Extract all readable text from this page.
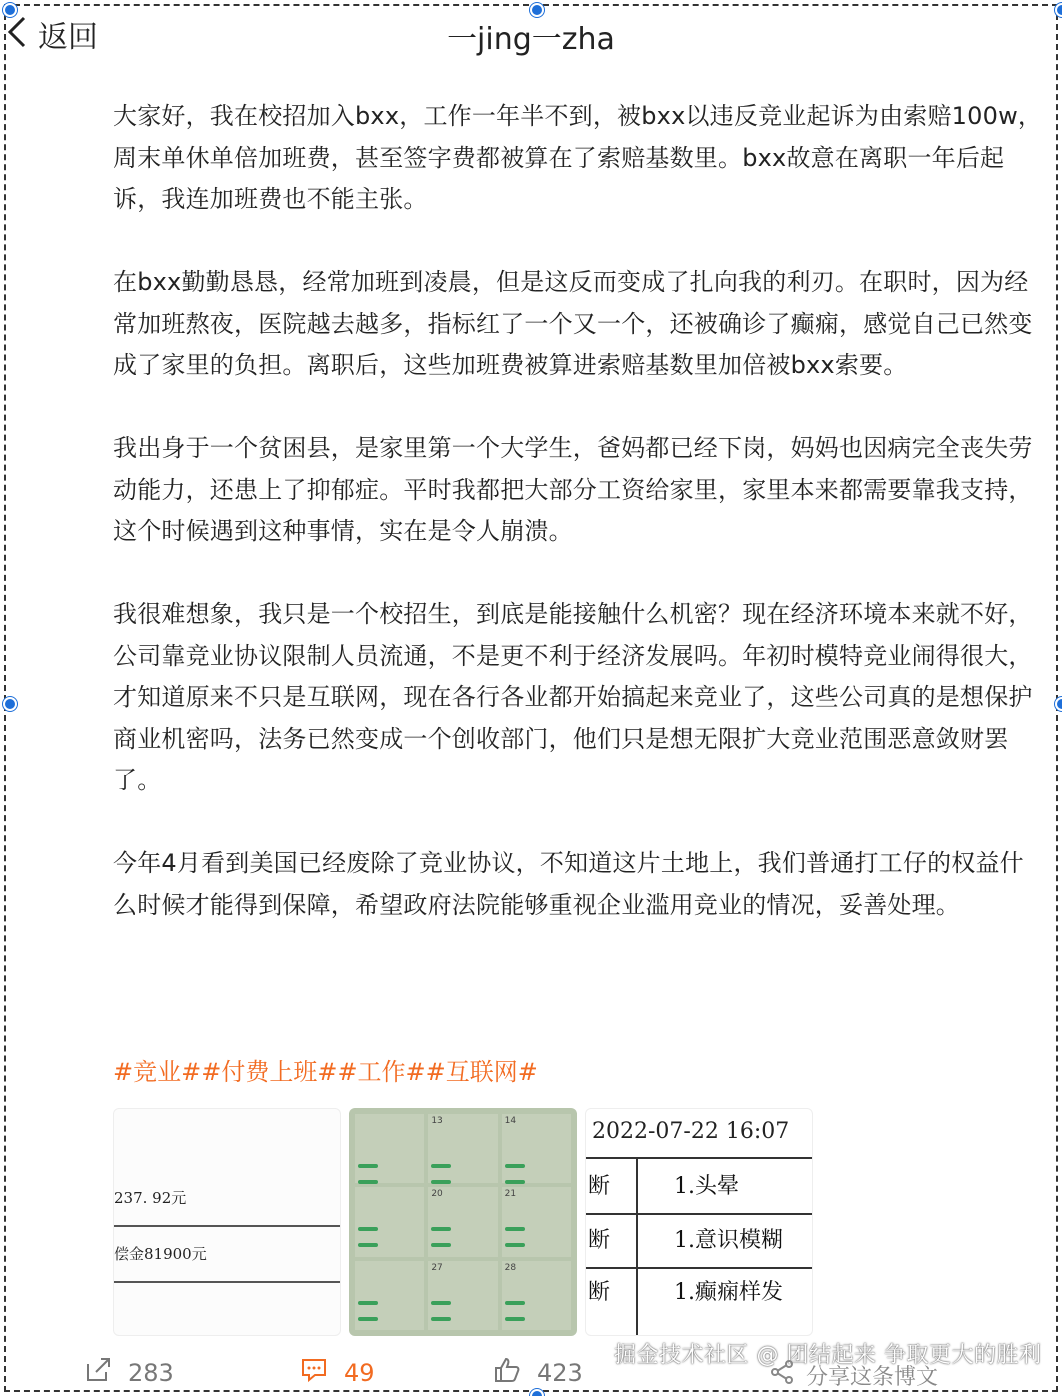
返回	一jing一zha

大家好，我在校招加入bxx，工作一年半不到，被bxx以违反竞业起诉为由索赔100w，周末单休单倍加班费，甚至签字费都被算在了索赔基数里。bxx故意在离职一年后起诉，我连加班费也不能主张。

在bxx勤勤恳恳，经常加班到凌晨，但是这反而变成了扎向我的利刃。在职时，因为经常加班熬夜，医院越去越多，指标红了一个又一个，还被确诊了癫痫，感觉自己已然变成了家里的负担。离职后，这些加班费被算进索赔基数里加倍被bxx索要。

我出身于一个贫困县，是家里第一个大学生，爸妈都已经下岗，妈妈也因病完全丧失劳动能力，还患上了抑郁症。平时我都把大部分工资给家里，家里本来都需要靠我支持，这个时候遇到这种事情，实在是令人崩溃。

我很难想象，我只是一个校招生，到底是能接触什么机密？现在经济环境本来就不好，公司靠竞业协议限制人员流通，不是更不利于经济发展吗。年初时模特竞业闹得很大，才知道原来不只是互联网，现在各行各业都开始搞起来竞业了，这些公司真的是想保护商业机密吗，法务已然变成一个创收部门，他们只是想无限扩大竞业范围恶意敛财罢了。

今年4月看到美国已经废除了竞业协议，不知道这片土地上，我们普通打工仔的权益什么时候才能得到保障，希望政府法院能够重视企业滥用竞业的情况，妥善处理。

#竞业# #付费上班# #工作# #互联网#
237. 92元
偿金81900元
13	14
20	21
27	28
2022-07-22 16:07
断	1.头晕
断	1.意识模糊
断	1.癫痫样发
掘金技术社区 @ 团结起来 争取更大的胜利
283	49	423	分享这条博文
